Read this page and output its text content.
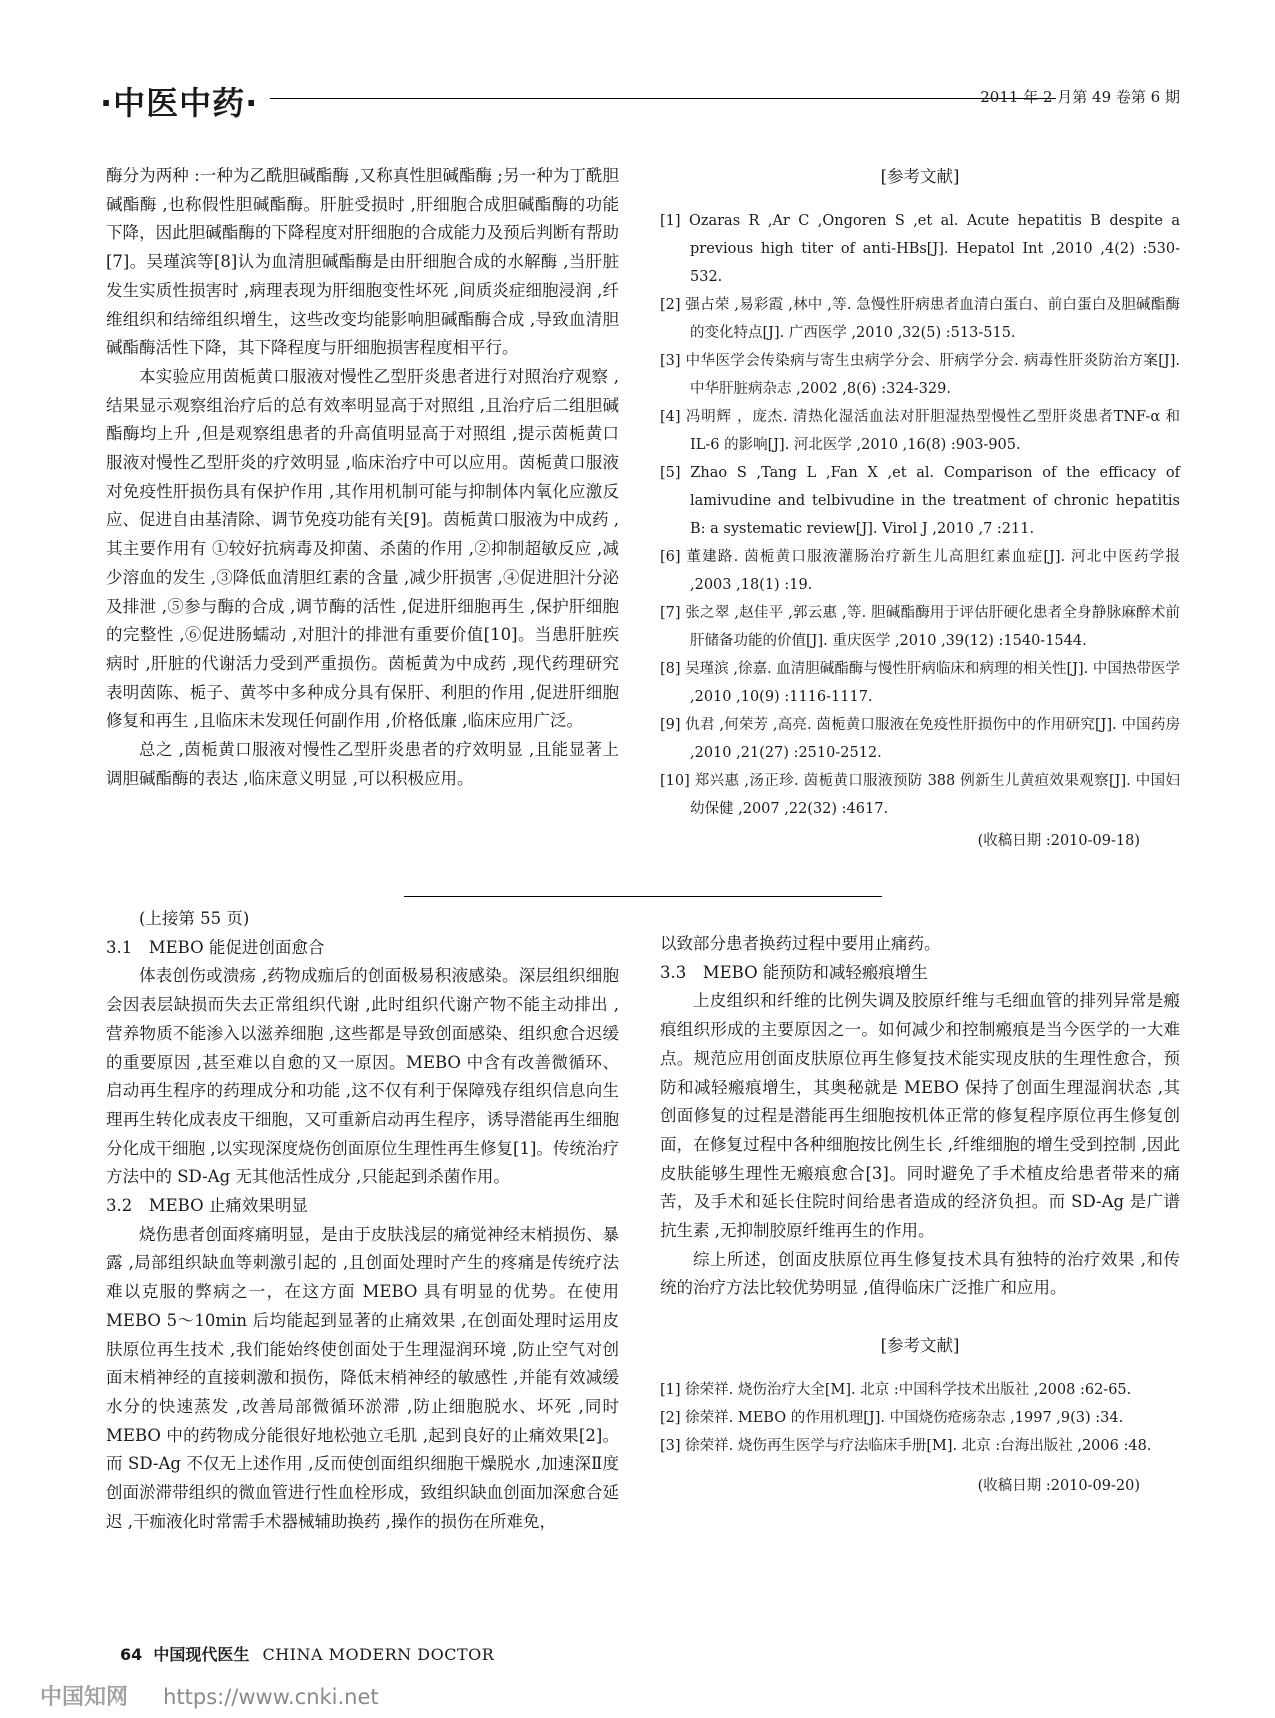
·中医中药·	2011 年 2 月第 49 卷第 6 期

酶分为两种 :一种为乙酰胆碱酯酶 ,又称真性胆碱酯酶 ;另一种为丁酰胆碱酯酶 ,也称假性胆碱酯酶。肝脏受损时 ,肝细胞合成胆碱酯酶的功能下降，因此胆碱酯酶的下降程度对肝细胞的合成能力及预后判断有帮助[7]。吴瑾滨等[8]认为血清胆碱酯酶是由肝细胞合成的水解酶 ,当肝脏发生实质性损害时 ,病理表现为肝细胞变性坏死 ,间质炎症细胞浸润 ,纤维组织和结缔组织增生，这些改变均能影响胆碱酯酶合成 ,导致血清胆碱酯酶活性下降，其下降程度与肝细胞损害程度相平行。

本实验应用茵栀黄口服液对慢性乙型肝炎患者进行对照治疗观察 ,结果显示观察组治疗后的总有效率明显高于对照组 ,且治疗后二组胆碱酯酶均上升 ,但是观察组患者的升高值明显高于对照组 ,提示茵栀黄口服液对慢性乙型肝炎的疗效明显 ,临床治疗中可以应用。茵栀黄口服液对免疫性肝损伤具有保护作用 ,其作用机制可能与抑制体内氧化应激反应、促进自由基清除、调节免疫功能有关[9]。茵栀黄口服液为中成药 ,其主要作用有 ①较好抗病毒及抑菌、杀菌的作用 ,②抑制超敏反应 ,减少溶血的发生 ,③降低血清胆红素的含量 ,减少肝损害 ,④促进胆汁分泌及排泄 ,⑤参与酶的合成 ,调节酶的活性 ,促进肝细胞再生 ,保护肝细胞的完整性 ,⑥促进肠蠕动 ,对胆汁的排泄有重要价值[10]。当患肝脏疾病时 ,肝脏的代谢活力受到严重损伤。茵栀黄为中成药 ,现代药理研究表明茵陈、栀子、黄芩中多种成分具有保肝、利胆的作用 ,促进肝细胞修复和再生 ,且临床未发现任何副作用 ,价格低廉 ,临床应用广泛。

总之 ,茵栀黄口服液对慢性乙型肝炎患者的疗效明显 ,且能显著上调胆碱酯酶的表达 ,临床意义明显 ,可以积极应用。

[参考文献]
[1] Ozaras R ,Ar C ,Ongoren S ,et al. Acute hepatitis B despite a previous high titer of anti-HBs[J]. Hepatol Int ,2010 ,4(2) :530-532.
[2] 强占荣 ,易彩霞 ,林中 ,等. 急慢性肝病患者血清白蛋白、前白蛋白及胆碱酯酶的变化特点[J]. 广西医学 ,2010 ,32(5) :513-515.
[3] 中华医学会传染病与寄生虫病学分会、肝病学分会. 病毒性肝炎防治方案[J]. 中华肝脏病杂志 ,2002 ,8(6) :324-329.
[4] 冯明辉 ，庞杰. 清热化湿活血法对肝胆湿热型慢性乙型肝炎患者TNF-α 和 IL-6 的影响[J]. 河北医学 ,2010 ,16(8) :903-905.
[5] Zhao S ,Tang L ,Fan X ,et al. Comparison of the efficacy of lamivudine and telbivudine in the treatment of chronic hepatitis B: a systematic review[J]. Virol J ,2010 ,7 :211.
[6] 董建路. 茵栀黄口服液灌肠治疗新生儿高胆红素血症[J]. 河北中医药学报 ,2003 ,18(1) :19.
[7] 张之翠 ,赵佳平 ,郭云惠 ,等. 胆碱酯酶用于评估肝硬化患者全身静脉麻醉术前肝储备功能的价值[J]. 重庆医学 ,2010 ,39(12) :1540-1544.
[8] 吴瑾滨 ,徐嘉. 血清胆碱酯酶与慢性肝病临床和病理的相关性[J]. 中国热带医学 ,2010 ,10(9) :1116-1117.
[9] 仇君 ,何荣芳 ,高亮. 茵栀黄口服液在免疫性肝损伤中的作用研究[J]. 中国药房 ,2010 ,21(27) :2510-2512.
[10] 郑兴惠 ,汤正珍. 茵栀黄口服液预防 388 例新生儿黄疸效果观察[J]. 中国妇幼保健 ,2007 ,22(32) :4617.
(收稿日期 :2010-09-18)
(上接第 55 页)
3.1　MEBO 能促进创面愈合

体表创伤或溃疡 ,药物成痂后的创面极易积液感染。深层组织细胞会因表层缺损而失去正常组织代谢 ,此时组织代谢产物不能主动排出 ,营养物质不能渗入以滋养细胞 ,这些都是导致创面感染、组织愈合迟缓的重要原因 ,甚至难以自愈的又一原因。MEBO 中含有改善微循环、启动再生程序的药理成分和功能 ,这不仅有利于保障残存组织信息向生理再生转化成表皮干细胞，又可重新启动再生程序，诱导潜能再生细胞分化成干细胞 ,以实现深度烧伤创面原位生理性再生修复[1]。传统治疗方法中的 SD-Ag 无其他活性成分 ,只能起到杀菌作用。

3.2　MEBO 止痛效果明显

烧伤患者创面疼痛明显，是由于皮肤浅层的痛觉神经末梢损伤、暴露 ,局部组织缺血等刺激引起的 ,且创面处理时产生的疼痛是传统疗法难以克服的弊病之一，在这方面 MEBO 具有明显的优势。在使用 MEBO 5～10min 后均能起到显著的止痛效果 ,在创面处理时运用皮肤原位再生技术 ,我们能始终使创面处于生理湿润环境 ,防止空气对创面末梢神经的直接刺激和损伤，降低末梢神经的敏感性 ,并能有效减缓水分的快速蒸发 ,改善局部微循环淤滞 ,防止细胞脱水、坏死 ,同时 MEBO 中的药物成分能很好地松弛立毛肌 ,起到良好的止痛效果[2]。而 SD-Ag 不仅无上述作用 ,反而使创面组织细胞干燥脱水 ,加速深Ⅱ度创面淤滞带组织的微血管进行性血栓形成，致组织缺血创面加深愈合延迟 ,干痂液化时常需手术器械辅助换药 ,操作的损伤在所难免，

以致部分患者换药过程中要用止痛药。

3.3　MEBO 能预防和减轻瘢痕增生

上皮组织和纤维的比例失调及胶原纤维与毛细血管的排列异常是瘢痕组织形成的主要原因之一。如何减少和控制瘢痕是当今医学的一大难点。规范应用创面皮肤原位再生修复技术能实现皮肤的生理性愈合，预防和减轻瘢痕增生，其奥秘就是 MEBO 保持了创面生理湿润状态 ,其创面修复的过程是潜能再生细胞按机体正常的修复程序原位再生修复创面，在修复过程中各种细胞按比例生长 ,纤维细胞的增生受到控制 ,因此皮肤能够生理性无瘢痕愈合[3]。同时避免了手术植皮给患者带来的痛苦，及手术和延长住院时间给患者造成的经济负担。而 SD-Ag 是广谱抗生素 ,无抑制胶原纤维再生的作用。

综上所述，创面皮肤原位再生修复技术具有独特的治疗效果 ,和传统的治疗方法比较优势明显 ,值得临床广泛推广和应用。

[参考文献]
[1] 徐荣祥. 烧伤治疗大全[M]. 北京 :中国科学技术出版社 ,2008 :62-65.
[2] 徐荣祥. MEBO 的作用机理[J]. 中国烧伤疮疡杂志 ,1997 ,9(3) :34.
[3] 徐荣祥. 烧伤再生医学与疗法临床手册[M]. 北京 :台海出版社 ,2006 :48.
(收稿日期 :2010-09-20)
64 中国现代医生 CHINA MODERN DOCTOR
中国知网 https://www.cnki.net
